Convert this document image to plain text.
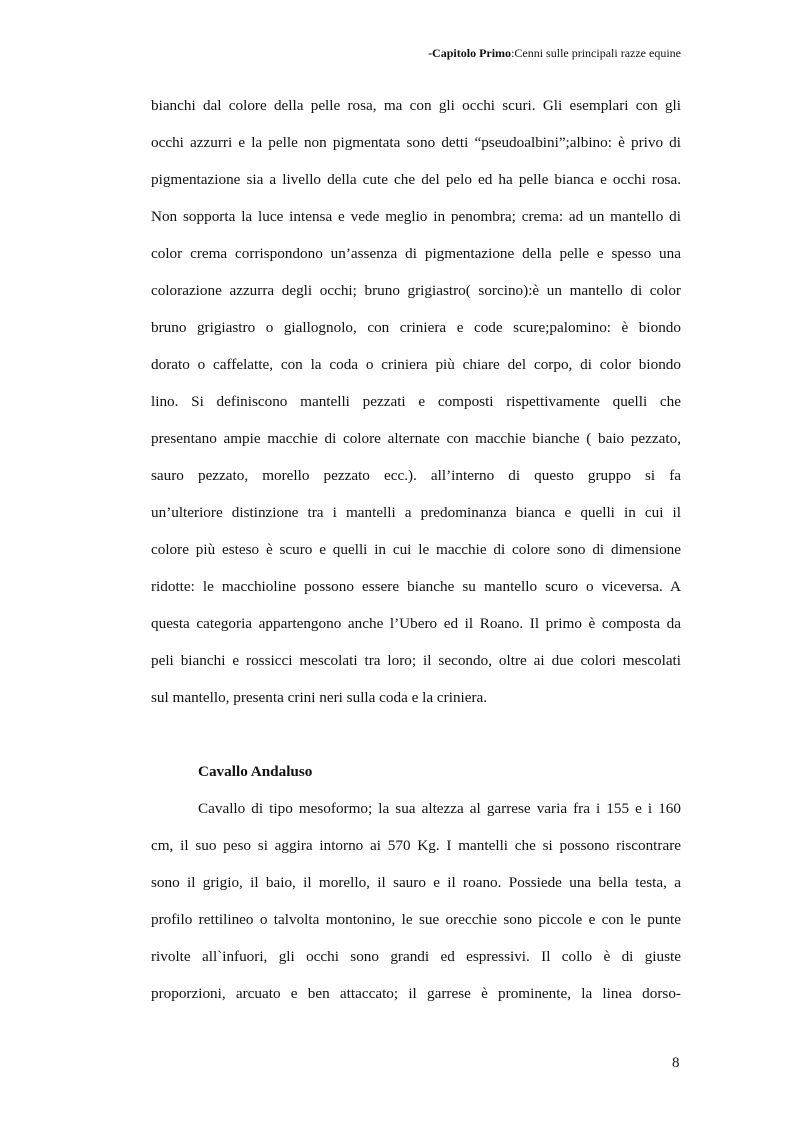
-Capitolo Primo:Cenni sulle principali razze equine
bianchi dal colore della pelle rosa, ma con gli occhi scuri. Gli esemplari con gli
occhi azzurri e la pelle non pigmentata sono detti “pseudoalbini”;albino: è privo di
pigmentazione sia a livello della cute che del pelo ed ha pelle bianca e occhi rosa.
Non sopporta la luce intensa e vede meglio in penombra; crema: ad un mantello di
color crema corrispondono un’assenza di pigmentazione della pelle e spesso una
colorazione azzurra degli occhi; bruno grigiastro( sorcino):è un mantello di color
bruno grigiastro o giallognolo, con criniera e code scure;palomino: è biondo
dorato o caffelatte, con la coda o criniera più chiare del corpo, di color biondo
lino. Si definiscono mantelli pezzati e composti rispettivamente quelli che
presentano ampie macchie di colore alternate con macchie bianche ( baio pezzato,
sauro pezzato, morello pezzato ecc.). all’interno di questo gruppo si fa
un’ulteriore distinzione tra i mantelli a predominanza bianca e quelli in cui il
colore più esteso è scuro e quelli in cui le macchie di colore sono di dimensione
ridotte: le macchioline possono essere bianche su mantello scuro o viceversa. A
questa categoria appartengono anche l’Ubero ed il Roano. Il primo è composta da
peli bianchi e rossicci mescolati tra loro; il secondo, oltre ai due colori mescolati
sul mantello, presenta crini neri sulla coda e la criniera.
Cavallo Andaluso
Cavallo di tipo mesoformo; la sua altezza al garrese varia fra i 155 e i 160
cm, il suo peso si aggira intorno ai 570 Kg. I mantelli che si possono riscontrare
sono il grigio, il baio, il morello, il sauro e il roano. Possiede una bella testa, a
profilo rettilineo o talvolta montonino, le sue orecchie sono piccole e con le punte
rivolte all`infuori, gli occhi sono grandi ed espressivi. Il collo è di giuste
proporzioni, arcuato e ben attaccato; il garrese è prominente, la linea dorso-
8
